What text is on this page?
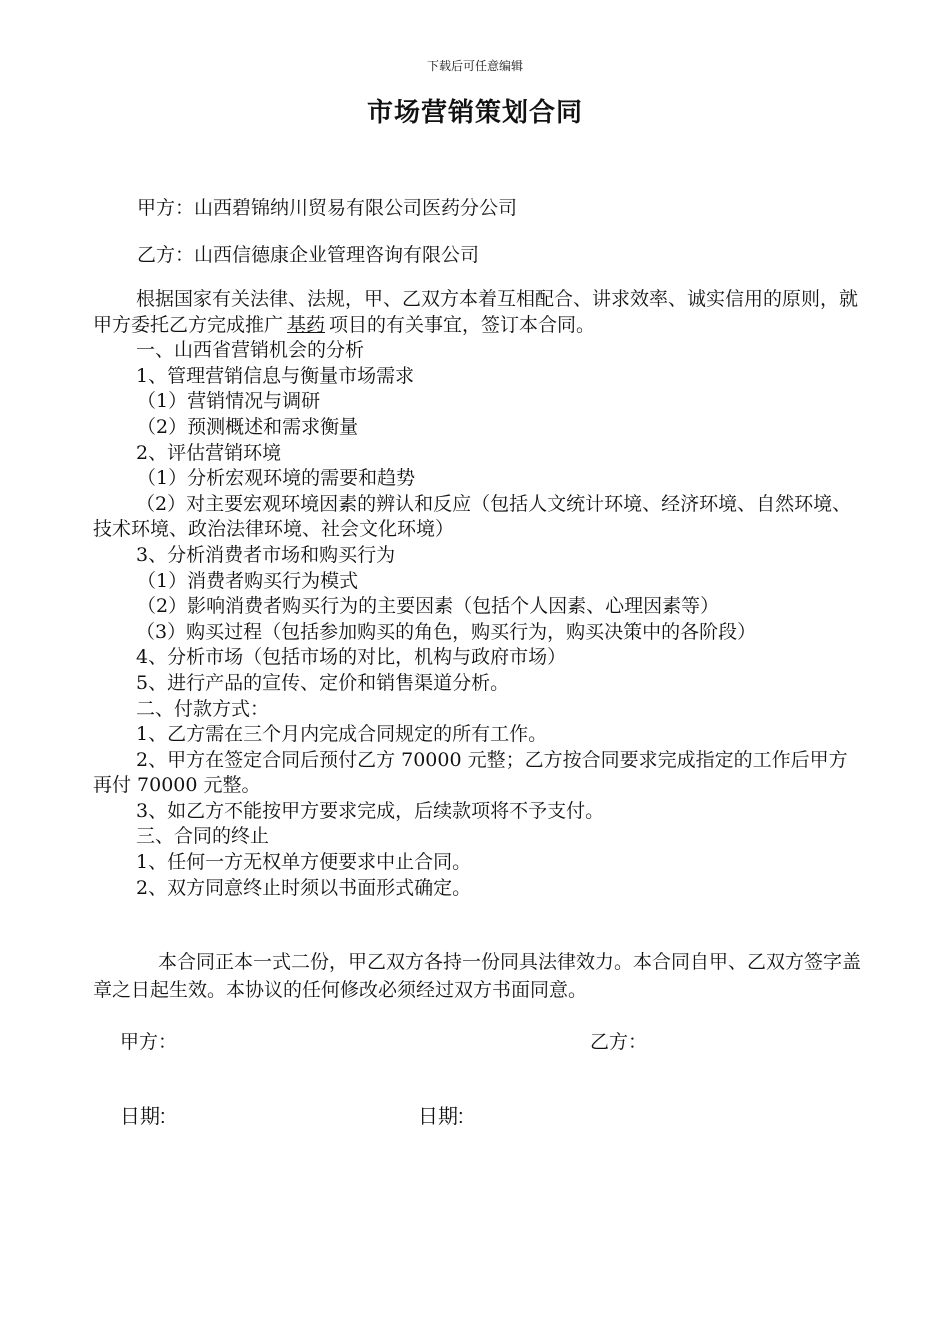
下载后可任意编辑
市场营销策划合同
甲方：山西碧锦纳川贸易有限公司医药分公司
乙方：山西信德康企业管理咨询有限公司

根据国家有关法律、法规，甲、乙双方本着互相配合、讲求效率、诚实信用的原则，就甲方委托乙方完成推广 基药 项目的有关事宜，签订本合同。

一、山西省营销机会的分析

1、管理营销信息与衡量市场需求

（1）营销情况与调研

（2）预测概述和需求衡量

2、评估营销环境

（1）分析宏观环境的需要和趋势

（2）对主要宏观环境因素的辨认和反应（包括人文统计环境、经济环境、自然环境、技术环境、政治法律环境、社会文化环境）

3、分析消费者市场和购买行为

（1）消费者购买行为模式

（2）影响消费者购买行为的主要因素（包括个人因素、心理因素等）

（3）购买过程（包括参加购买的角色，购买行为，购买决策中的各阶段）

4、分析市场（包括市场的对比，机构与政府市场）

5、进行产品的宣传、定价和销售渠道分析。

二、付款方式：

1、乙方需在三个月内完成合同规定的所有工作。

2、甲方在签定合同后预付乙方 70000 元整；乙方按合同要求完成指定的工作后甲方再付 70000 元整。

3、如乙方不能按甲方要求完成，后续款项将不予支付。

三、合同的终止

1、任何一方无权单方便要求中止合同。

2、双方同意终止时须以书面形式确定。

本合同正本一式二份，甲乙双方各持一份同具法律效力。本合同自甲、乙双方签字盖章之日起生效。本协议的任何修改必须经过双方书面同意。
甲方：	乙方：
日期:	日期:
